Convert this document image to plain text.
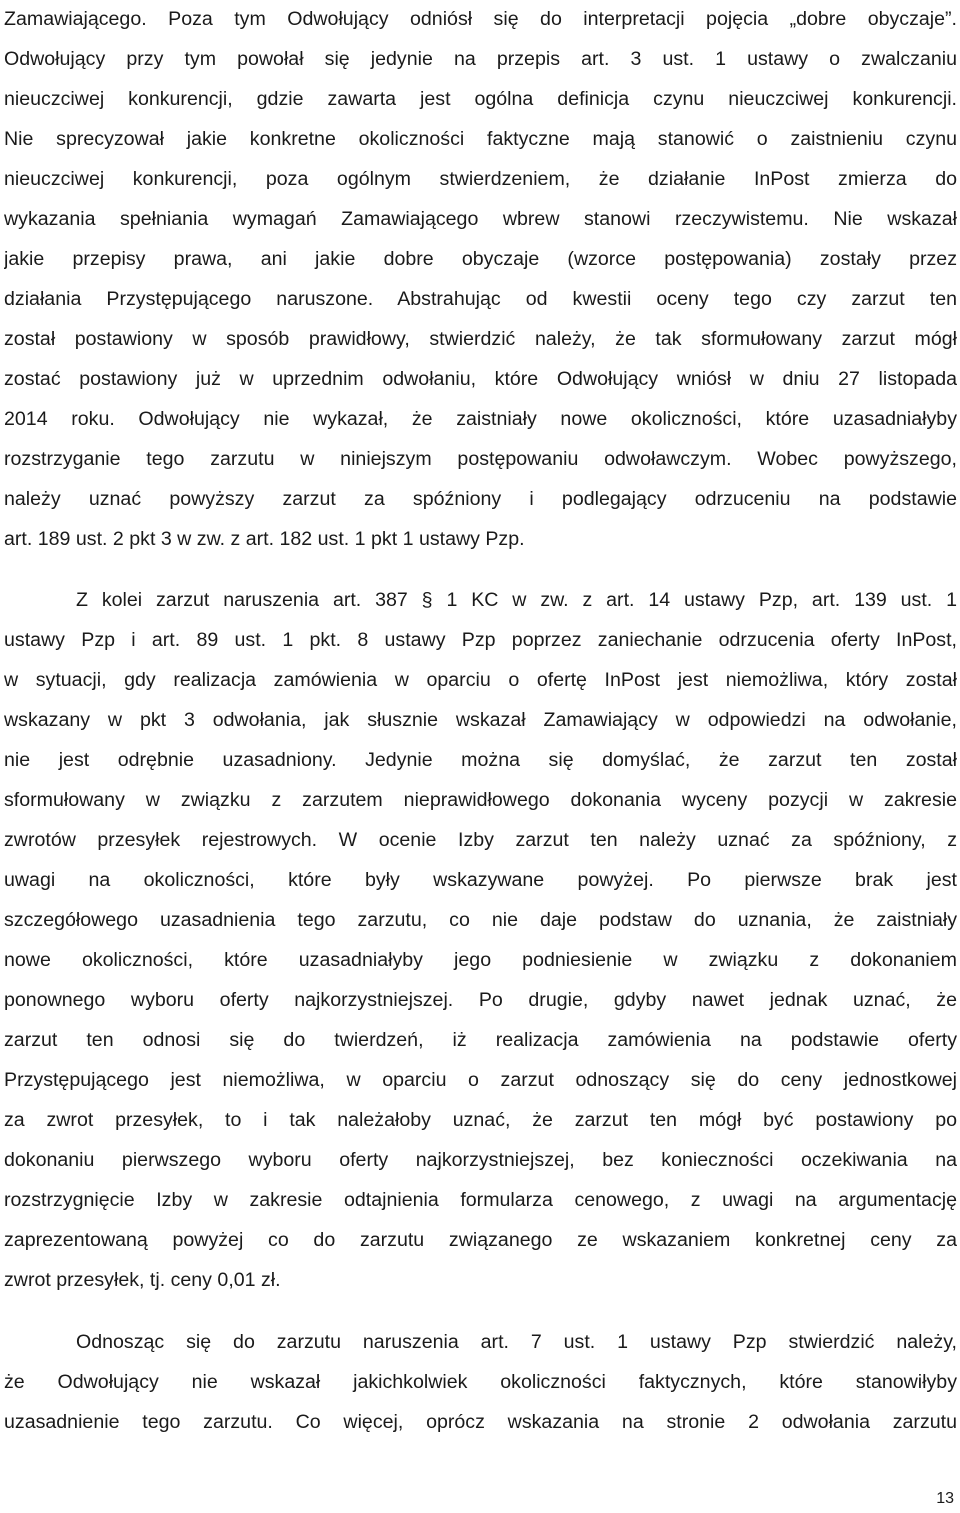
Zamawiającego. Poza tym Odwołujący odniósł się do interpretacji pojęcia „dobre obyczaje”.
Odwołujący przy tym powołał się jedynie na przepis art. 3 ust. 1 ustawy o zwalczaniu
nieuczciwej konkurencji, gdzie zawarta jest ogólna definicja czynu nieuczciwej konkurencji.
Nie sprecyzował jakie konkretne okoliczności faktyczne mają stanowić o zaistnieniu czynu
nieuczciwej konkurencji, poza ogólnym stwierdzeniem, że działanie InPost zmierza do
wykazania spełniania wymagań Zamawiającego wbrew stanowi rzeczywistemu. Nie wskazał
jakie przepisy prawa, ani jakie dobre obyczaje (wzorce postępowania) zostały przez
działania Przystępującego naruszone. Abstrahując od kwestii oceny tego czy zarzut ten
został postawiony w sposób prawidłowy, stwierdzić należy, że tak sformułowany zarzut mógł
zostać postawiony już w uprzednim odwołaniu, które Odwołujący wniósł w dniu 27 listopada
2014 roku. Odwołujący nie wykazał, że zaistniały nowe okoliczności, które uzasadniałyby
rozstrzyganie tego zarzutu w niniejszym postępowaniu odwoławczym. Wobec powyższego,
należy uznać powyższy zarzut za spóźniony i podlegający odrzuceniu na podstawie
art. 189 ust. 2 pkt 3 w zw. z art. 182 ust. 1 pkt 1 ustawy Pzp.
Z kolei zarzut naruszenia art. 387 § 1 KC w zw. z art. 14 ustawy Pzp, art. 139 ust. 1
ustawy Pzp i art. 89 ust. 1 pkt. 8 ustawy Pzp poprzez zaniechanie odrzucenia oferty InPost,
w sytuacji, gdy realizacja zamówienia w oparciu o ofertę InPost jest niemożliwa, który został
wskazany w pkt 3 odwołania, jak słusznie wskazał Zamawiający w odpowiedzi na odwołanie,
nie jest odrębnie uzasadniony. Jedynie można się domyślać, że zarzut ten został
sformułowany w związku z zarzutem nieprawidłowego dokonania wyceny pozycji w zakresie
zwrotów przesyłek rejestrowych. W ocenie Izby zarzut ten należy uznać za spóźniony, z
uwagi na okoliczności, które były wskazywane powyżej. Po pierwsze brak jest
szczegółowego uzasadnienia tego zarzutu, co nie daje podstaw do uznania, że zaistniały
nowe okoliczności, które uzasadniałyby jego podniesienie w związku z dokonaniem
ponownego wyboru oferty najkorzystniejszej. Po drugie, gdyby nawet jednak uznać, że
zarzut ten odnosi się do twierdzeń, iż realizacja zamówienia na podstawie oferty
Przystępującego jest niemożliwa, w oparciu o zarzut odnoszący się do ceny jednostkowej
za zwrot przesyłek, to i tak należałoby uznać, że zarzut ten mógł być postawiony po
dokonaniu pierwszego wyboru oferty najkorzystniejszej, bez konieczności oczekiwania na
rozstrzygnięcie Izby w zakresie odtajnienia formularza cenowego, z uwagi na argumentację
zaprezentowaną powyżej co do zarzutu związanego ze wskazaniem konkretnej ceny za
zwrot przesyłek, tj. ceny 0,01 zł.
Odnosząc się do zarzutu naruszenia art. 7 ust. 1 ustawy Pzp stwierdzić należy,
że Odwołujący nie wskazał jakichkolwiek okoliczności faktycznych, które stanowiłyby
uzasadnienie tego zarzutu. Co więcej, oprócz wskazania na stronie 2 odwołania zarzutu
13
